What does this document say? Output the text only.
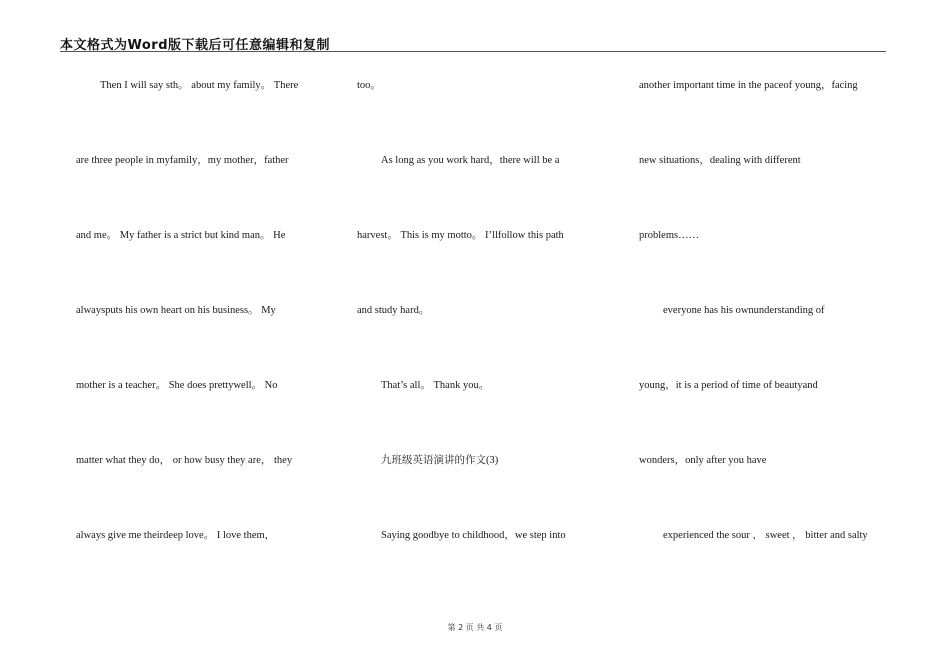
本文格式为Word版下载后可任意编辑和复制
Then I will say sth。 about my family。 There
are three people in myfamily，my mother，father
and me。 My father is a strict but kind man。 He
alwaysputs his own heart on his business。 My
mother is a teacher。 She does prettywell。 No
matter what they do， or how busy they are， they
always give me theirdeep love。 I love them，
too。
As long as you work hard，there will be a
harvest。 This is my motto。 I’llfollow this path
and study hard。
That’s all。 Thank you。
九班级英语演讲的作文(3)
Saying goodbye to childhood，we step into
another important time in the paceof young，facing
new situations，dealing with different
problems……
everyone has his ownunderstanding of
young，it is a period of time of beautyand
wonders，only after you have
experienced the sour ， sweet ， bitter and salty
第 2 页 共 4 页
